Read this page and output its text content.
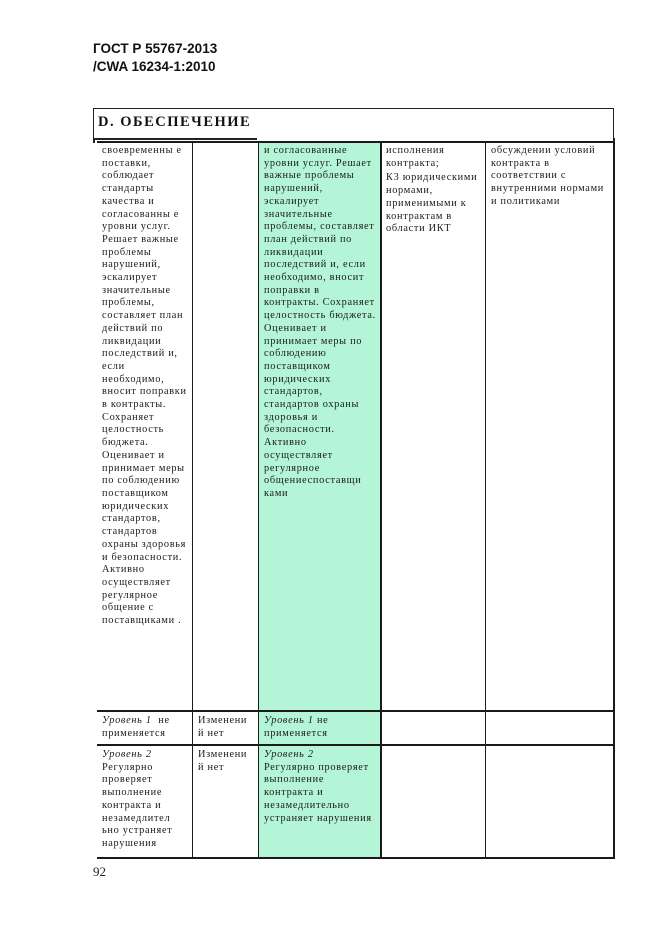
ГОСТ Р 55767-2013
/CWA 16234-1:2010
D. ОБЕСПЕЧЕНИЕ
своевременны е поставки, соблюдает стандарты качества и согласованны е уровни услуг. Решает важные проблемы нарушений, эскалирует значительные проблемы, составляет план действий по ликвидации последствий и, если необходимо, вносит поправки в контракты. Сохраняет целостность бюджета. Оценивает и принимает меры по соблюдению поставщиком юридических стандартов, стандартов охраны здоровья и безопасности. Активно осуществляет регулярное общение с поставщиками .
и согласованные уровни услуг. Решает важные проблемы нарушений, эскалирует значительные проблемы, составляет план действий по ликвидации последствий и, если необходимо, вносит поправки в контракты. Сохраняет целостность бюджета. Оценивает и принимает меры по соблюдению поставщиком юридических стандартов, стандартов охраны здоровья и безопасности. Активно осуществляет регулярное общениеспоставщи ками
исполнения контракта;
К3 юридическими нормами, применимыми к контрактам в области ИКТ
обсуждении условий контракта в соответствии с внутренними нормами и политиками
Уровень 1 не применяется
Изменени й нет
Уровень 1 не применяется
Уровень 2
Регулярно проверяет выполнение контракта и незамедлител ьно устраняет нарушения
Изменени й нет
Уровень 2
Регулярно проверяет выполнение контракта и незамедлительно устраняет нарушения
92
